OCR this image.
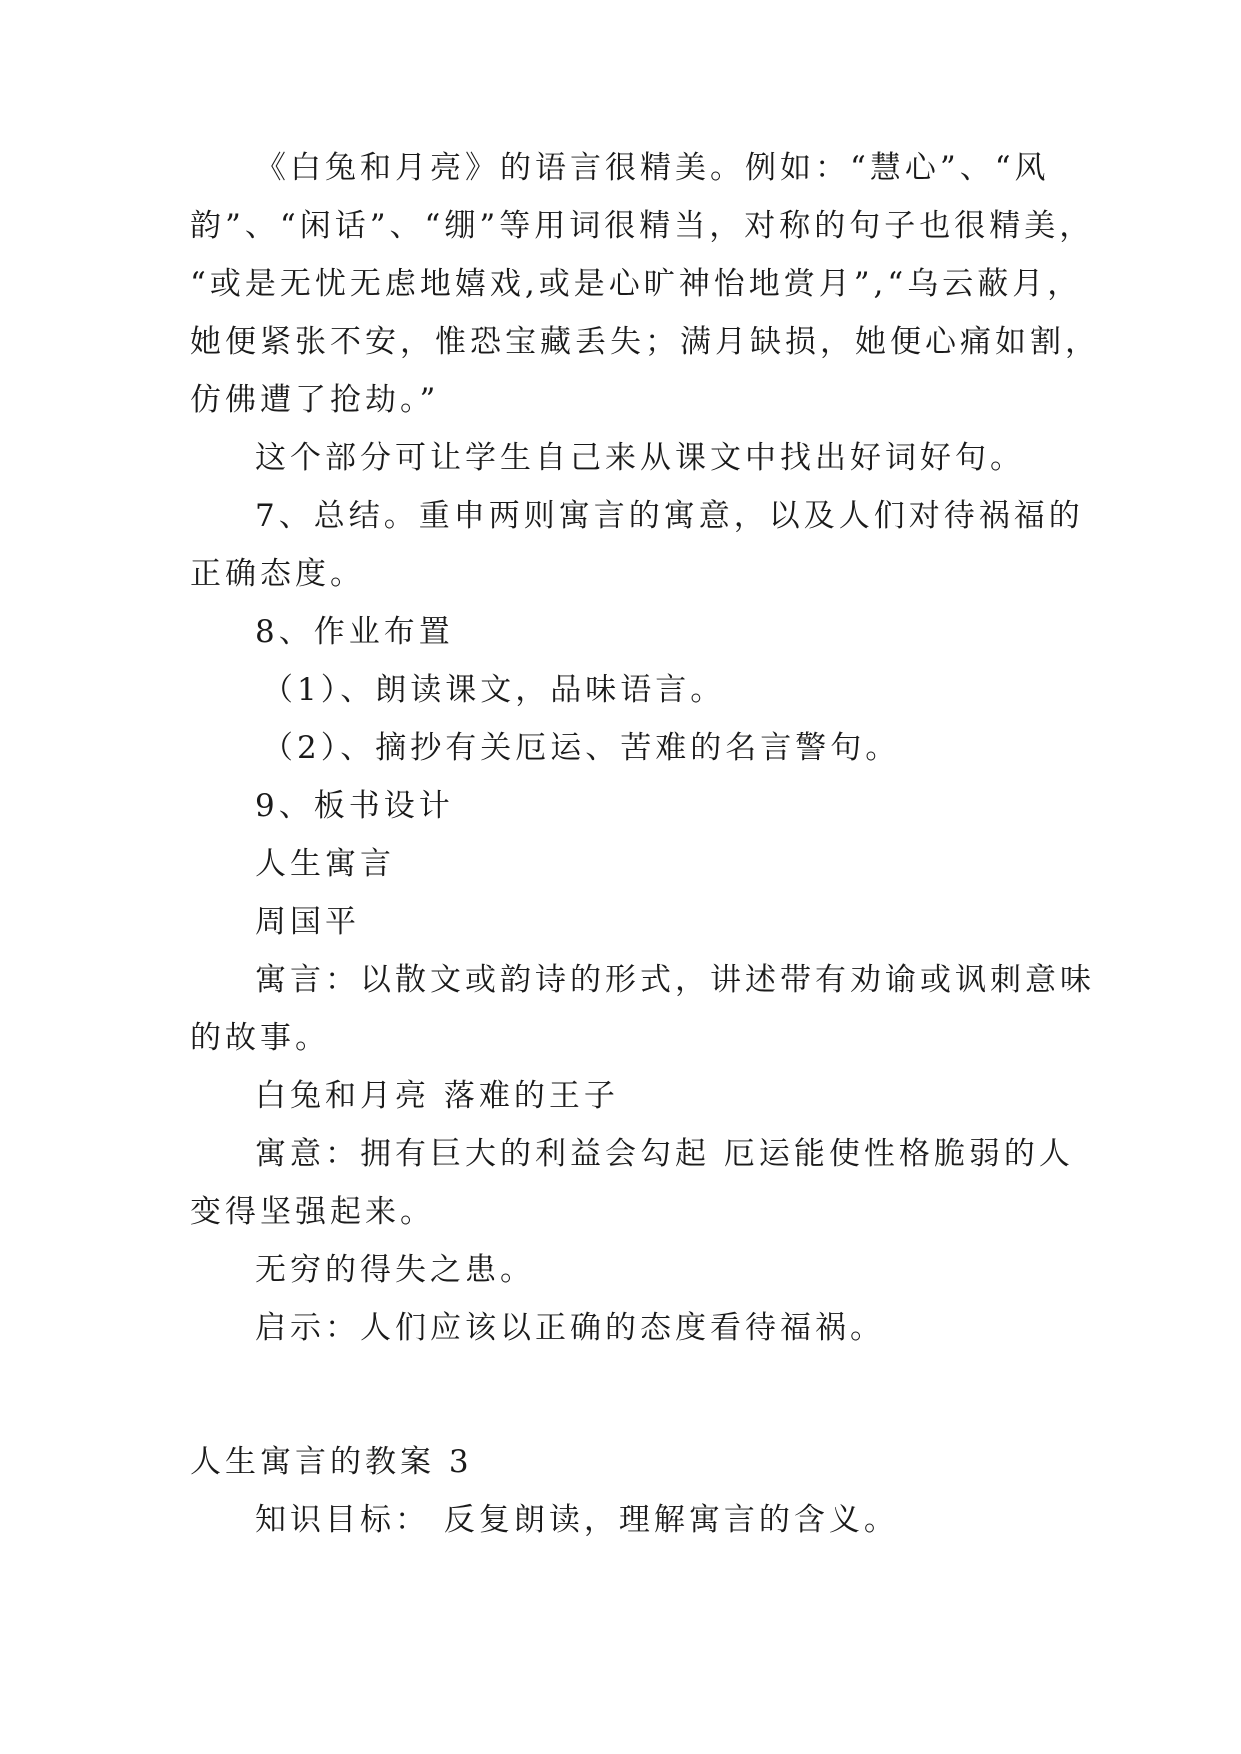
《白兔和月亮》的语言很精美。例如：“慧心”、“风
韵”、“闲话”、“绷”等用词很精当，对称的句子也很精美，
“或是无忧无虑地嬉戏,或是心旷神怡地赏月”,“乌云蔽月，
她便紧张不安，惟恐宝藏丢失；满月缺损，她便心痛如割，
仿佛遭了抢劫。”
这个部分可让学生自己来从课文中找出好词好句。
7、总结。重申两则寓言的寓意，以及人们对待祸福的
正确态度。
8、作业布置
（1）、朗读课文，品味语言。
（2）、摘抄有关厄运、苦难的名言警句。
9、板书设计
人生寓言
周国平
寓言：以散文或韵诗的形式，讲述带有劝谕或讽刺意味
的故事。
白兔和月亮 落难的王子
寓意：拥有巨大的利益会勾起 厄运能使性格脆弱的人
变得坚强起来。
无穷的得失之患。
启示：人们应该以正确的态度看待福祸。
人生寓言的教案 3
知识目标： 反复朗读，理解寓言的含义。
